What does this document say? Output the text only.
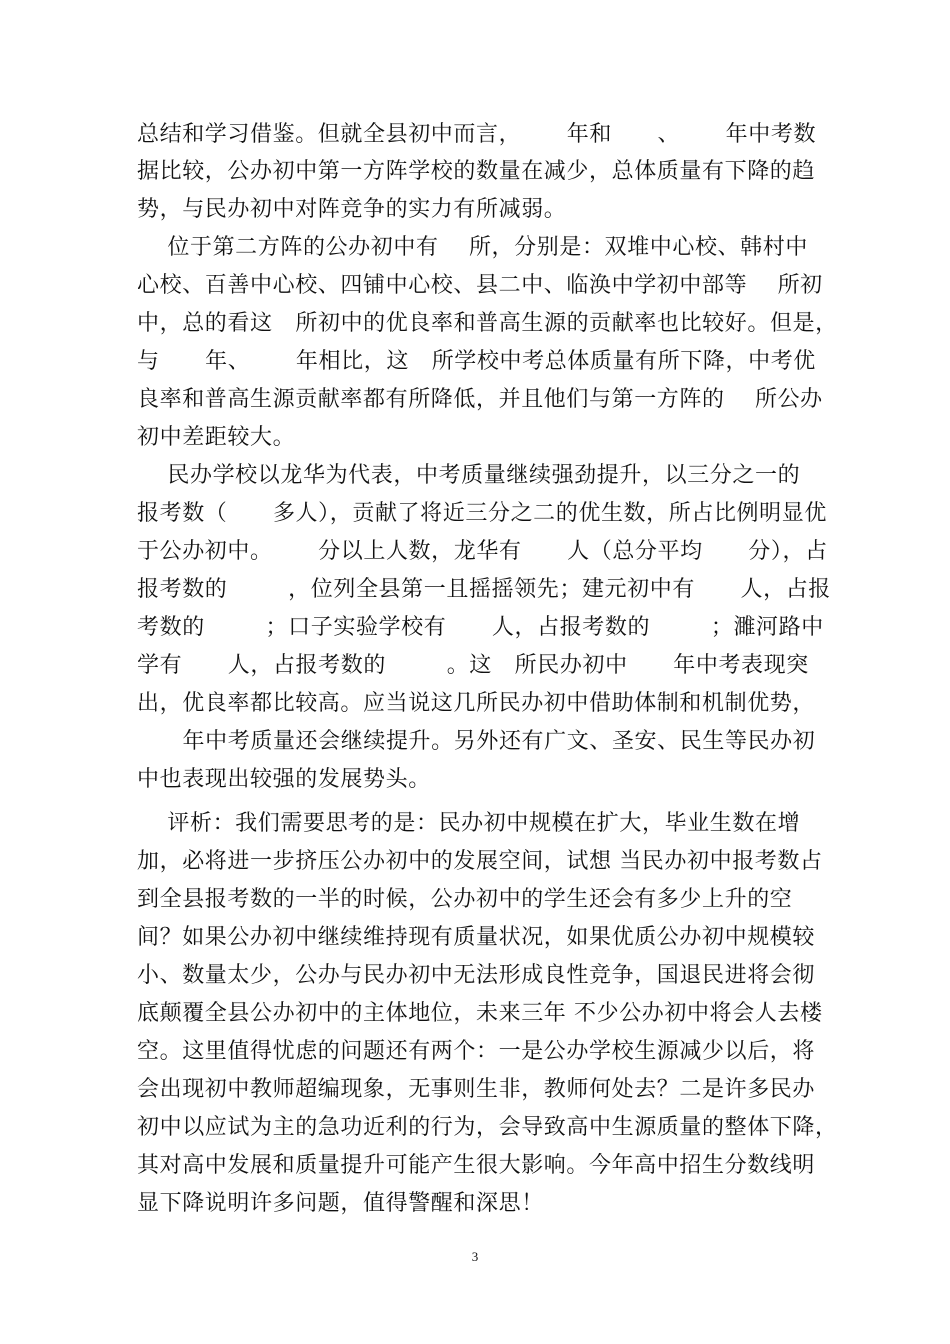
总结和学习借鉴。但就全县初中而言，      年和      、      年中考数
据比较，公办初中第一方阵学校的数量在减少，总体质量有下降的趋
势，与民办初中对阵竞争的实力有所减弱。
位于第二方阵的公办初中有    所，分别是：双堆中心校、韩村中
心校、百善中心校、四铺中心校、县二中、临涣中学初中部等    所初
中，总的看这   所初中的优良率和普高生源的贡献率也比较好。但是，
与      年、      年相比，这   所学校中考总体质量有所下降，中考优
良率和普高生源贡献率都有所降低，并且他们与第一方阵的    所公办
初中差距较大。
民办学校以龙华为代表，中考质量继续强劲提升，以三分之一的
报考数（      多人），贡献了将近三分之二的优生数，所占比例明显优
于公办初中。      分以上人数，龙华有      人（总分平均      分），占
报考数的        ，位列全县第一且摇摇领先；建元初中有      人，占报
考数的        ；口子实验学校有      人，占报考数的        ；濉河路中
学有      人，占报考数的        。这   所民办初中      年中考表现突
出，优良率都比较高。应当说这几所民办初中借助体制和机制优势，
年中考质量还会继续提升。另外还有广文、圣安、民生等民办初
中也表现出较强的发展势头。
评析：我们需要思考的是：民办初中规模在扩大，毕业生数在增
加，必将进一步挤压公办初中的发展空间，试想 当民办初中报考数占
到全县报考数的一半的时候，公办初中的学生还会有多少上升的空
间？如果公办初中继续维持现有质量状况，如果优质公办初中规模较
小、数量太少，公办与民办初中无法形成良性竞争，国退民进将会彻
底颠覆全县公办初中的主体地位，未来三年 不少公办初中将会人去楼
空。这里值得忧虑的问题还有两个：一是公办学校生源减少以后，将
会出现初中教师超编现象，无事则生非，教师何处去？二是许多民办
初中以应试为主的急功近利的行为，会导致高中生源质量的整体下降，
其对高中发展和质量提升可能产生很大影响。今年高中招生分数线明
显下降说明许多问题，值得警醒和深思！
3
